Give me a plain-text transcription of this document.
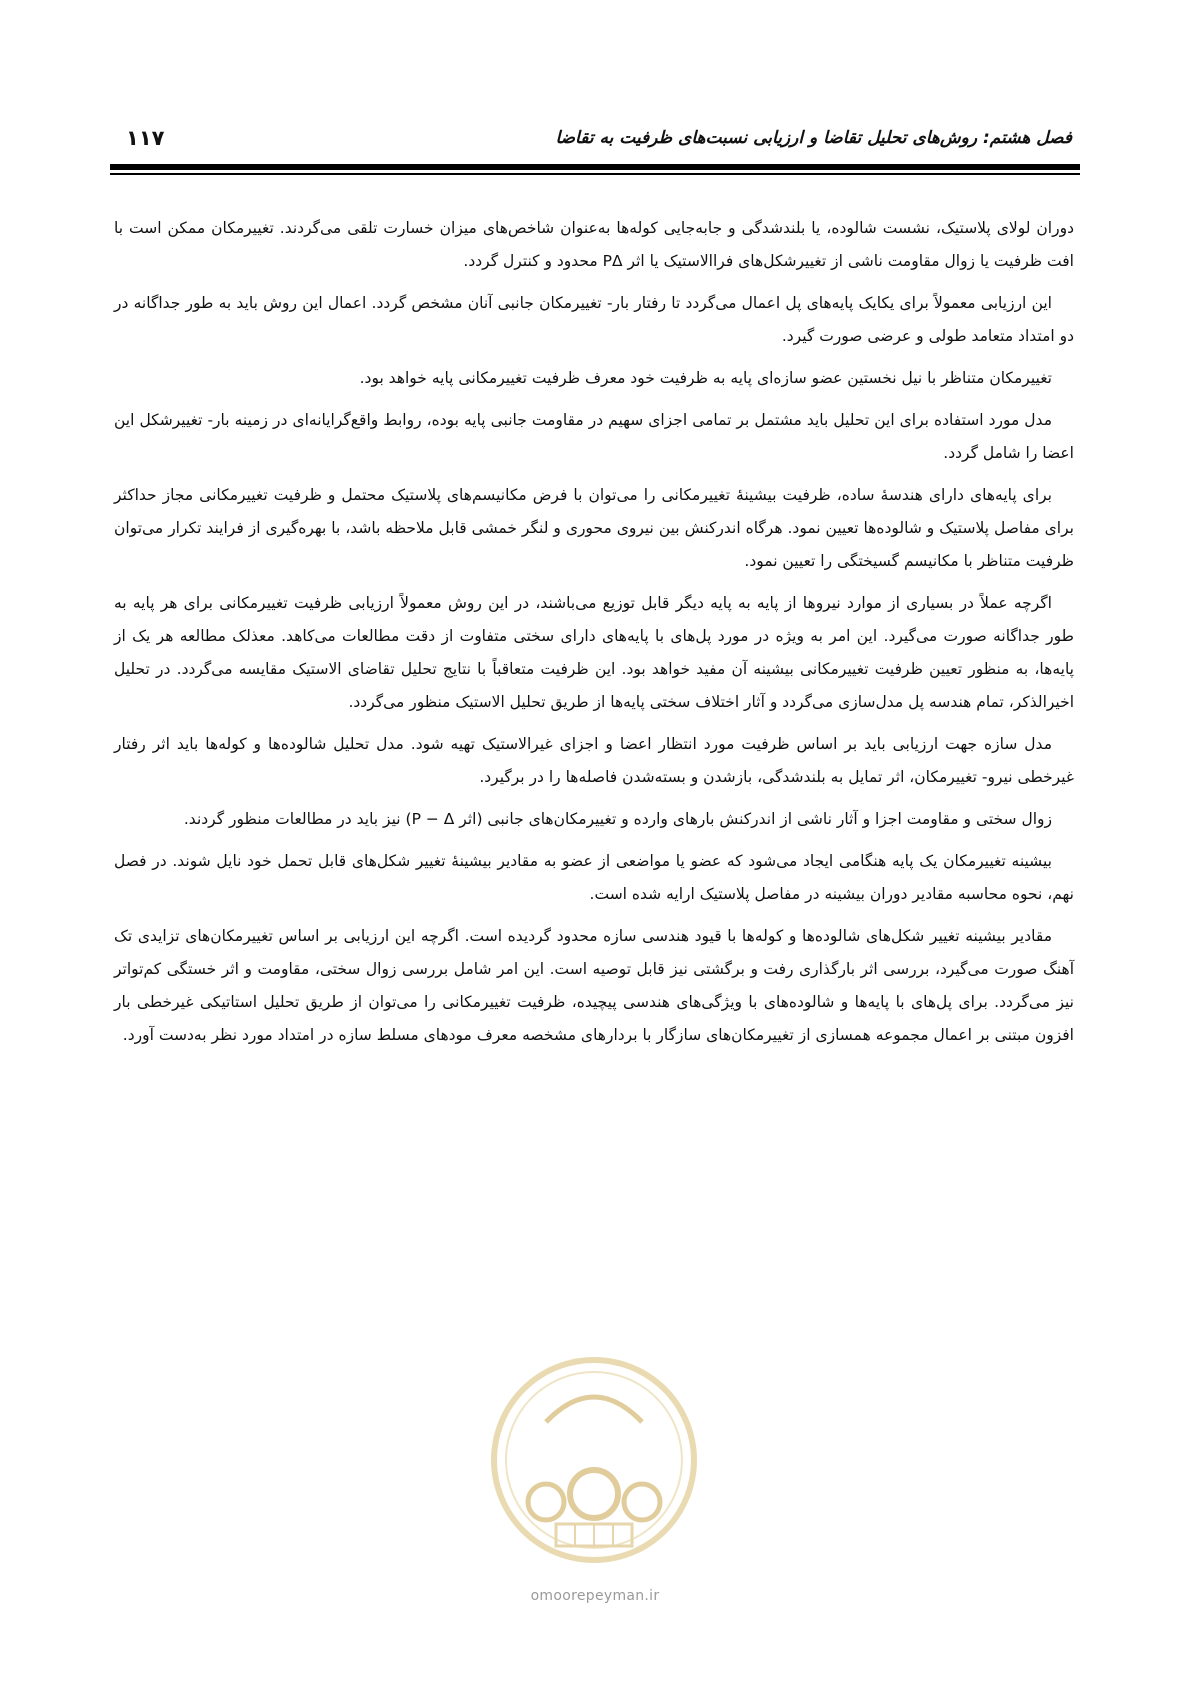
۱۱۷	فصل هشتم: روش‌های تحلیل تقاضا و ارزیابی نسبت‌های ظرفیت به تقاضا

دوران لولای پلاستیک، نشست شالوده، یا بلندشدگی و جابه‌جایی کوله‌ها به‌عنوان شاخص‌های میزان خسارت تلقی می‌گردند. تغییرمکان ممکن است با افت ظرفیت یا زوال مقاومت ناشی از تغییرشکل‌های فراالاستیک یا اثر PΔ محدود و کنترل گردد.

این ارزیابی معمولاً برای یکایک پایه‌های پل اعمال می‌گردد تا رفتار بار- تغییرمکان جانبی آنان مشخص گردد. اعمال این روش باید به طور جداگانه در دو امتداد متعامد طولی و عرضی صورت گیرد.

تغییرمکان متناظر با نیل نخستین عضو سازه‌ای پایه به ظرفیت خود معرف ظرفیت تغییرمکانی پایه خواهد بود.

مدل مورد استفاده برای این تحلیل باید مشتمل بر تمامی اجزای سهیم در مقاومت جانبی پایه بوده، روابط واقع‌گرایانه‌ای در زمینه بار- تغییرشکل این اعضا را شامل گردد.

برای پایه‌های دارای هندسهٔ ساده، ظرفیت بیشینهٔ تغییرمکانی را می‌توان با فرض مکانیسم‌های پلاستیک محتمل و ظرفیت تغییرمکانی مجاز حداکثر برای مفاصل پلاستیک و شالوده‌ها تعیین نمود. هرگاه اندرکنش بین نیروی محوری و لنگر خمشی قابل ملاحظه باشد، با بهره‌گیری از فرایند تکرار می‌توان ظرفیت متناظر با مکانیسم گسیختگی را تعیین نمود.

اگرچه عملاً در بسیاری از موارد نیروها از پایه به پایه دیگر قابل توزیع می‌باشند، در این روش معمولاً ارزیابی ظرفیت تغییرمکانی برای هر پایه به طور جداگانه صورت می‌گیرد. این امر به ویژه در مورد پل‌های با پایه‌های دارای سختی متفاوت از دقت مطالعات می‌کاهد. معذلک مطالعه هر یک از پایه‌ها، به منظور تعیین ظرفیت تغییرمکانی بیشینه آن مفید خواهد بود. این ظرفیت متعاقباً با نتایج تحلیل تقاضای الاستیک مقایسه می‌گردد. در تحلیل اخیرالذکر، تمام هندسه پل مدل‌سازی می‌گردد و آثار اختلاف سختی پایه‌ها از طریق تحلیل الاستیک منظور می‌گردد.

مدل سازه جهت ارزیابی باید بر اساس ظرفیت مورد انتظار اعضا و اجزای غیرالاستیک تهیه شود. مدل تحلیل شالوده‌ها و کوله‌ها باید اثر رفتار غیرخطی نیرو- تغییرمکان، اثر تمایل به بلندشدگی، بازشدن و بسته‌شدن فاصله‌ها را در برگیرد.

زوال سختی و مقاومت اجزا و آثار ناشی از اندرکنش بارهای وارده و تغییرمکان‌های جانبی (اثر P − Δ) نیز باید در مطالعات منظور گردند.

بیشینه تغییرمکان یک پایه هنگامی ایجاد می‌شود که عضو یا مواضعی از عضو به مقادیر بیشینهٔ تغییر شکل‌های قابل تحمل خود نایل شوند. در فصل نهم، نحوه محاسبه مقادیر دوران بیشینه در مفاصل پلاستیک ارایه شده است.

مقادیر بیشینه تغییر شکل‌های شالوده‌ها و کوله‌ها با قیود هندسی سازه محدود گردیده است. اگرچه این ارزیابی بر اساس تغییرمکان‌های تزایدی تک آهنگ صورت می‌گیرد، بررسی اثر بارگذاری رفت و برگشتی نیز قابل توصیه است. این امر شامل بررسی زوال سختی، مقاومت و اثر خستگی کم‌تواتر نیز می‌گردد. برای پل‌های با پایه‌ها و شالوده‌های با ویژگی‌های هندسی پیچیده، ظرفیت تغییرمکانی را می‌توان از طریق تحلیل استاتیکی غیرخطی بار افزون مبتنی بر اعمال مجموعه همسازی از تغییرمکان‌های سازگار با بردارهای مشخصه معرف مودهای مسلط سازه در امتداد مورد نظر به‌دست آورد.

omoorepeyman.ir
